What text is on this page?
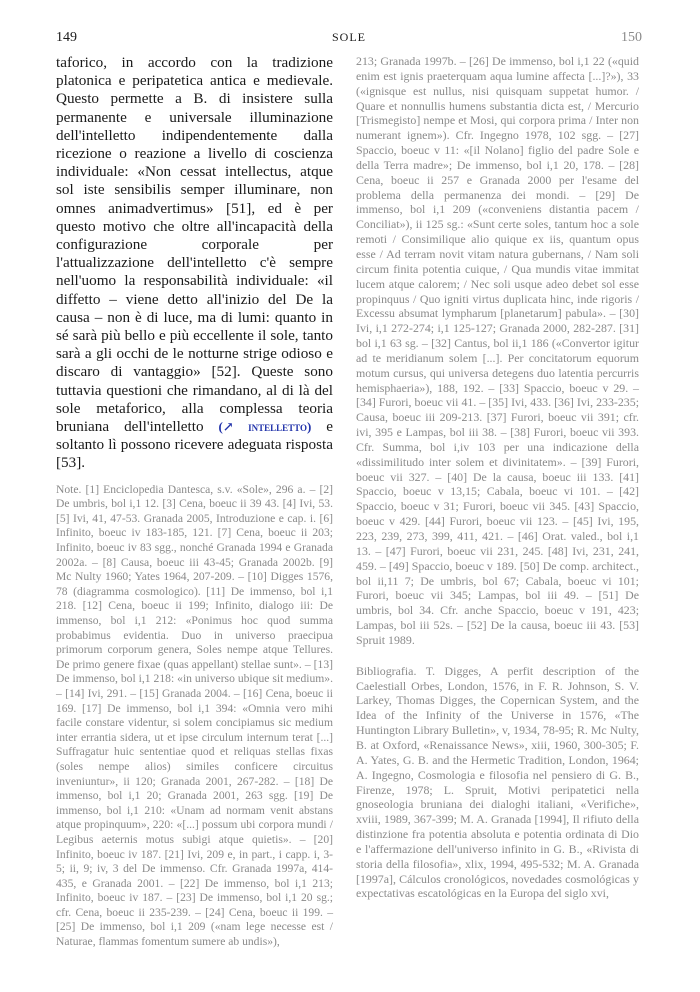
149	SOLE	150

taforico, in accordo con la tradizione platonica e peripatetica antica e medievale. Questo permette a B. di insistere sulla permanente e universale illuminazione dell'intelletto indipendentemente dalla ricezione o reazione a livello di coscienza individuale: «Non cessat intellectus, atque sol iste sensibilis semper illuminare, non omnes animadvertimus» [51], ed è per questo motivo che oltre all'incapacità della configurazione corporale per l'attualizzazione dell'intelletto c'è sempre nell'uomo la responsabilità individuale: «il diffetto – viene detto all'inizio del De la causa – non è di luce, ma di lumi: quanto in sé sarà più bello e più eccellente il sole, tanto sarà a gli occhi de le notturne strige odioso e discaro di vantaggio» [52]. Queste sono tuttavia questioni che rimandano, al di là del sole metaforico, alla complessa teoria bruniana dell'intelletto (↗ intelletto) e soltanto lì possono ricevere adeguata risposta [53].

Note. [1] Enciclopedia Dantesca, s.v. «Sole», 296 a. – [2] De umbris, bol i,1 12. [3] Cena, boeuc ii 39 43. [4] Ivi, 53. [5] Ivi, 41, 47-53. Granada 2005, Introduzione e cap. i. [6] Infinito, boeuc iv 183-185, 121. [7] Cena, boeuc ii 203; Infinito, boeuc iv 83 sgg., nonché Granada 1994 e Granada 2002a. – [8] Causa, boeuc iii 43-45; Granada 2002b. [9] Mc Nulty 1960; Yates 1964, 207-209. – [10] Digges 1576, 78 (diagramma cosmologico). [11] De immenso, bol i,1 218. [12] Cena, boeuc ii 199; Infinito, dialogo iii: De immenso, bol i,1 212: «Ponimus hoc quod summa probabimus evidentia. Duo in universo praecipua primorum corporum genera, Soles nempe atque Tellures. De primo genere fixae (quas appellant) stellae sunt». – [13] De immenso, bol i,1 218: «in universo ubique sit medium». – [14] Ivi, 291. – [15] Granada 2004. – [16] Cena, boeuc ii 169. [17] De immenso, bol i,1 394: «Omnia vero mihi facile constare videntur, si solem concipiamus sic medium inter errantia sidera, ut et ipse circulum internum terat [...] Suffragatur huic sententiae quod et reliquas stellas fixas (soles nempe alios) similes conficere circuitus inveniuntur», ii 120; Granada 2001, 267-282. – [18] De immenso, bol i,1 20; Granada 2001, 263 sgg. [19] De immenso, bol i,1 210: «Unam ad normam venit abstans atque propinquum», 220: «[...] possum ubi corpora mundi / Legibus aeternis motus subigi atque quietis». – [20] Infinito, boeuc iv 187. [21] Ivi, 209 e, in part., i capp. i, 3-5; ii, 9; iv, 3 del De immenso. Cfr. Granada 1997a, 414-435, e Granada 2001. – [22] De immenso, bol i,1 213; Infinito, boeuc iv 187. – [23] De immenso, bol i,1 20 sg.; cfr. Cena, boeuc ii 235-239. – [24] Cena, boeuc ii 199. – [25] De immenso, bol i,1 209 («nam lege necesse est / Naturae, flammas fomentum sumere ab undis»),

213; Granada 1997b. – [26] De immenso, bol i,1 22 («quid enim est ignis praeterquam aqua lumine affecta [...]?»), 33 («ignisque est nullus, nisi quisquam suppetat humor. / Quare et nonnullis humens substantia dicta est, / Mercurio [Trismegisto] nempe et Mosi, qui corpora prima / Inter non numerant ignem»). Cfr. Ingegno 1978, 102 sgg. – [27] Spaccio, boeuc v 11: «[il Nolano] figlio del padre Sole e della Terra madre»; De immenso, bol i,1 20, 178. – [28] Cena, boeuc ii 257 e Granada 2000 per l'esame del problema della permanenza dei mondi. – [29] De immenso, bol i,1 209 («conveniens distantia pacem / Conciliat»), ii 125 sg.: «Sunt certe soles, tantum hoc a sole remoti / Consimilique alio quique ex iis, quantum opus esse / Ad terram novit vitam natura gubernans, / Nam soli circum finita potentia cuique, / Qua mundis vitae immitat lucem atque calorem; / Nec soli usque adeo debet sol esse propinquus / Quo igniti virtus duplicata hinc, inde rigoris / Excessu absumat lympharum [planetarum] pabula». – [30] Ivi, i,1 272-274; i,1 125-127; Granada 2000, 282-287. [31] bol i,1 63 sg. – [32] Cantus, bol ii,1 186 («Convertor igitur ad te meridianum solem [...]. Per concitatorum equorum motum cursus, qui universa detegens duo latentia percurris hemisphaeria»), 188, 192. – [33] Spaccio, boeuc v 29. – [34] Furori, boeuc vii 41. – [35] Ivi, 433. [36] Ivi, 233-235; Causa, boeuc iii 209-213. [37] Furori, boeuc vii 391; cfr. ivi, 395 e Lampas, bol iii 38. – [38] Furori, boeuc vii 393. Cfr. Summa, bol i,iv 103 per una indicazione della «dissimilitudo inter solem et divinitatem». – [39] Furori, boeuc vii 327. – [40] De la causa, boeuc iii 133. [41] Spaccio, boeuc v 13,15; Cabala, boeuc vi 101. – [42] Spaccio, boeuc v 31; Furori, boeuc vii 345. [43] Spaccio, boeuc v 429. [44] Furori, boeuc vii 123. – [45] Ivi, 195, 223, 239, 273, 399, 411, 421. – [46] Orat. valed., bol i,1 13. – [47] Furori, boeuc vii 231, 245. [48] Ivi, 231, 241, 459. – [49] Spaccio, boeuc v 189. [50] De comp. architect., bol ii,11 7; De umbris, bol 67; Cabala, boeuc vi 101; Furori, boeuc vii 345; Lampas, bol iii 49. – [51] De umbris, bol 34. Cfr. anche Spaccio, boeuc v 191, 423; Lampas, bol iii 52s. – [52] De la causa, boeuc iii 43. [53] Spruit 1989.

Bibliografia. T. Digges, A perfit description of the Caelestiall Orbes, London, 1576, in F. R. Johnson, S. V. Larkey, Thomas Digges, the Copernican System, and the Idea of the Infinity of the Universe in 1576, «The Huntington Library Bulletin», v, 1934, 78-95; R. Mc Nulty, B. at Oxford, «Renaissance News», xiii, 1960, 300-305; F. A. Yates, G. B. and the Hermetic Tradition, London, 1964; A. Ingegno, Cosmologia e filosofia nel pensiero di G. B., Firenze, 1978; L. Spruit, Motivi peripatetici nella gnoseologia bruniana dei dialoghi italiani, «Verifiche», xviii, 1989, 367-399; M. A. Granada [1994], Il rifiuto della distinzione fra potentia absoluta e potentia ordinata di Dio e l'affermazione dell'universo infinito in G. B., «Rivista di storia della filosofia», xlix, 1994, 495-532; M. A. Granada [1997a], Cálculos cronológicos, novedades cosmológicas y expectativas escatológicas en la Europa del siglo xvi,
